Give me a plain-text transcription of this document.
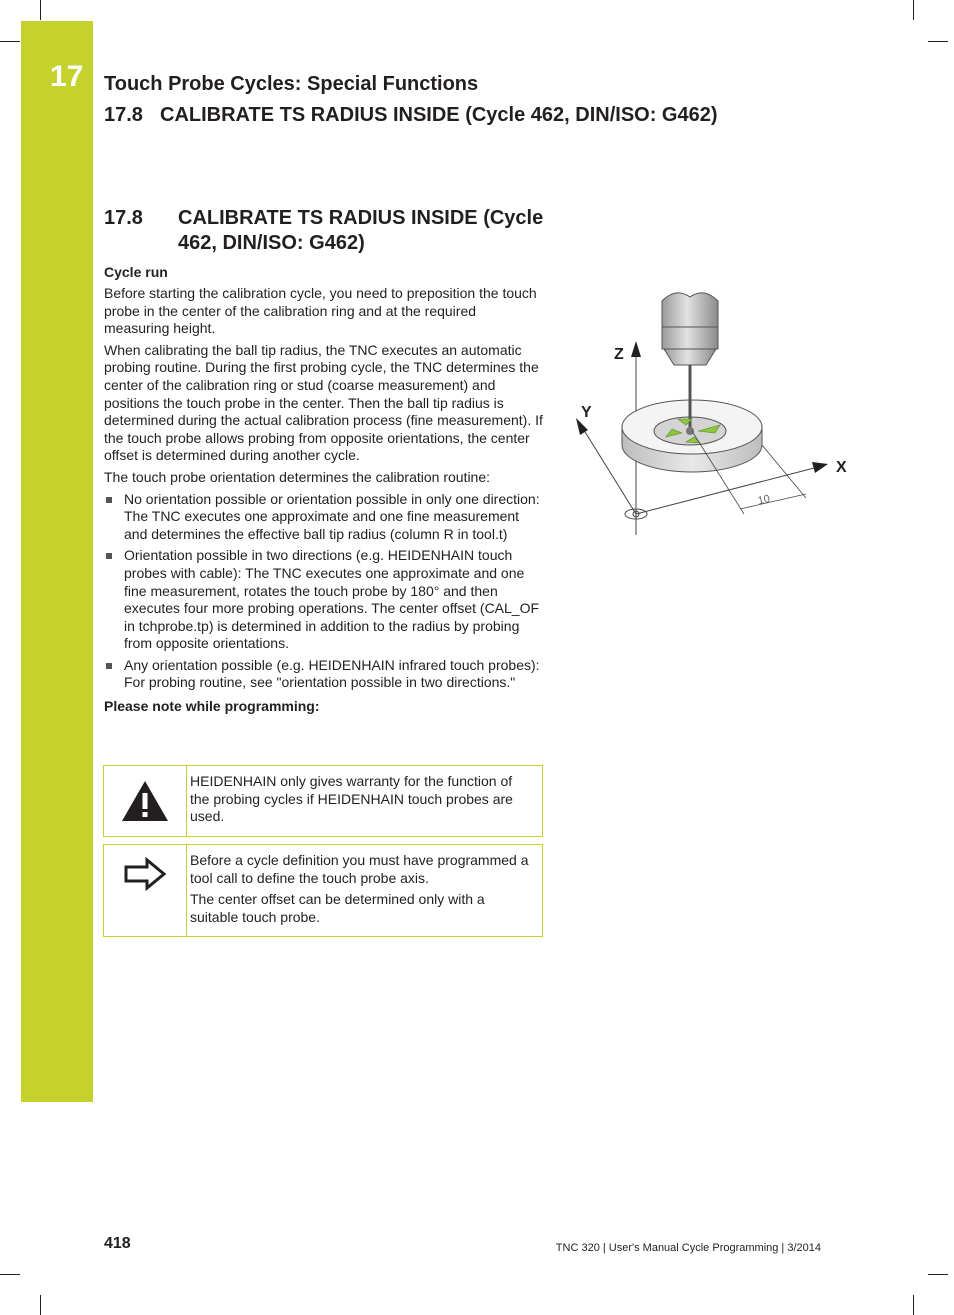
17 Touch Probe Cycles: Special Functions
17.8 CALIBRATE TS RADIUS INSIDE (Cycle 462, DIN/ISO: G462)
17.8 CALIBRATE TS RADIUS INSIDE (Cycle 462, DIN/ISO: G462)
Cycle run

Before starting the calibration cycle, you need to preposition the touch probe in the center of the calibration ring and at the required measuring height.

When calibrating the ball tip radius, the TNC executes an automatic probing routine. During the first probing cycle, the TNC determines the center of the calibration ring or stud (coarse measurement) and positions the touch probe in the center. Then the ball tip radius is determined during the actual calibration process (fine measurement). If the touch probe allows probing from opposite orientations, the center offset is determined during another cycle.

The touch probe orientation determines the calibration routine:

No orientation possible or orientation possible in only one direction: The TNC executes one approximate and one fine measurement and determines the effective ball tip radius (column R in tool.t)
Orientation possible in two directions (e.g. HEIDENHAIN touch probes with cable): The TNC executes one approximate and one fine measurement, rotates the touch probe by 180° and then executes four more probing operations. The center offset (CAL_OF in tchprobe.tp) is determined in addition to the radius by probing from opposite orientations.
Any orientation possible (e.g. HEIDENHAIN infrared touch probes): For probing routine, see "orientation possible in two directions."
Please note while programming:

HEIDENHAIN only gives warranty for the function of the probing cycles if HEIDENHAIN touch probes are used.

Before a cycle definition you must have programmed a tool call to define the touch probe axis.

The center offset can be determined only with a suitable touch probe.

Z
Y
X
10
418	TNC 320 | User's Manual Cycle Programming | 3/2014
